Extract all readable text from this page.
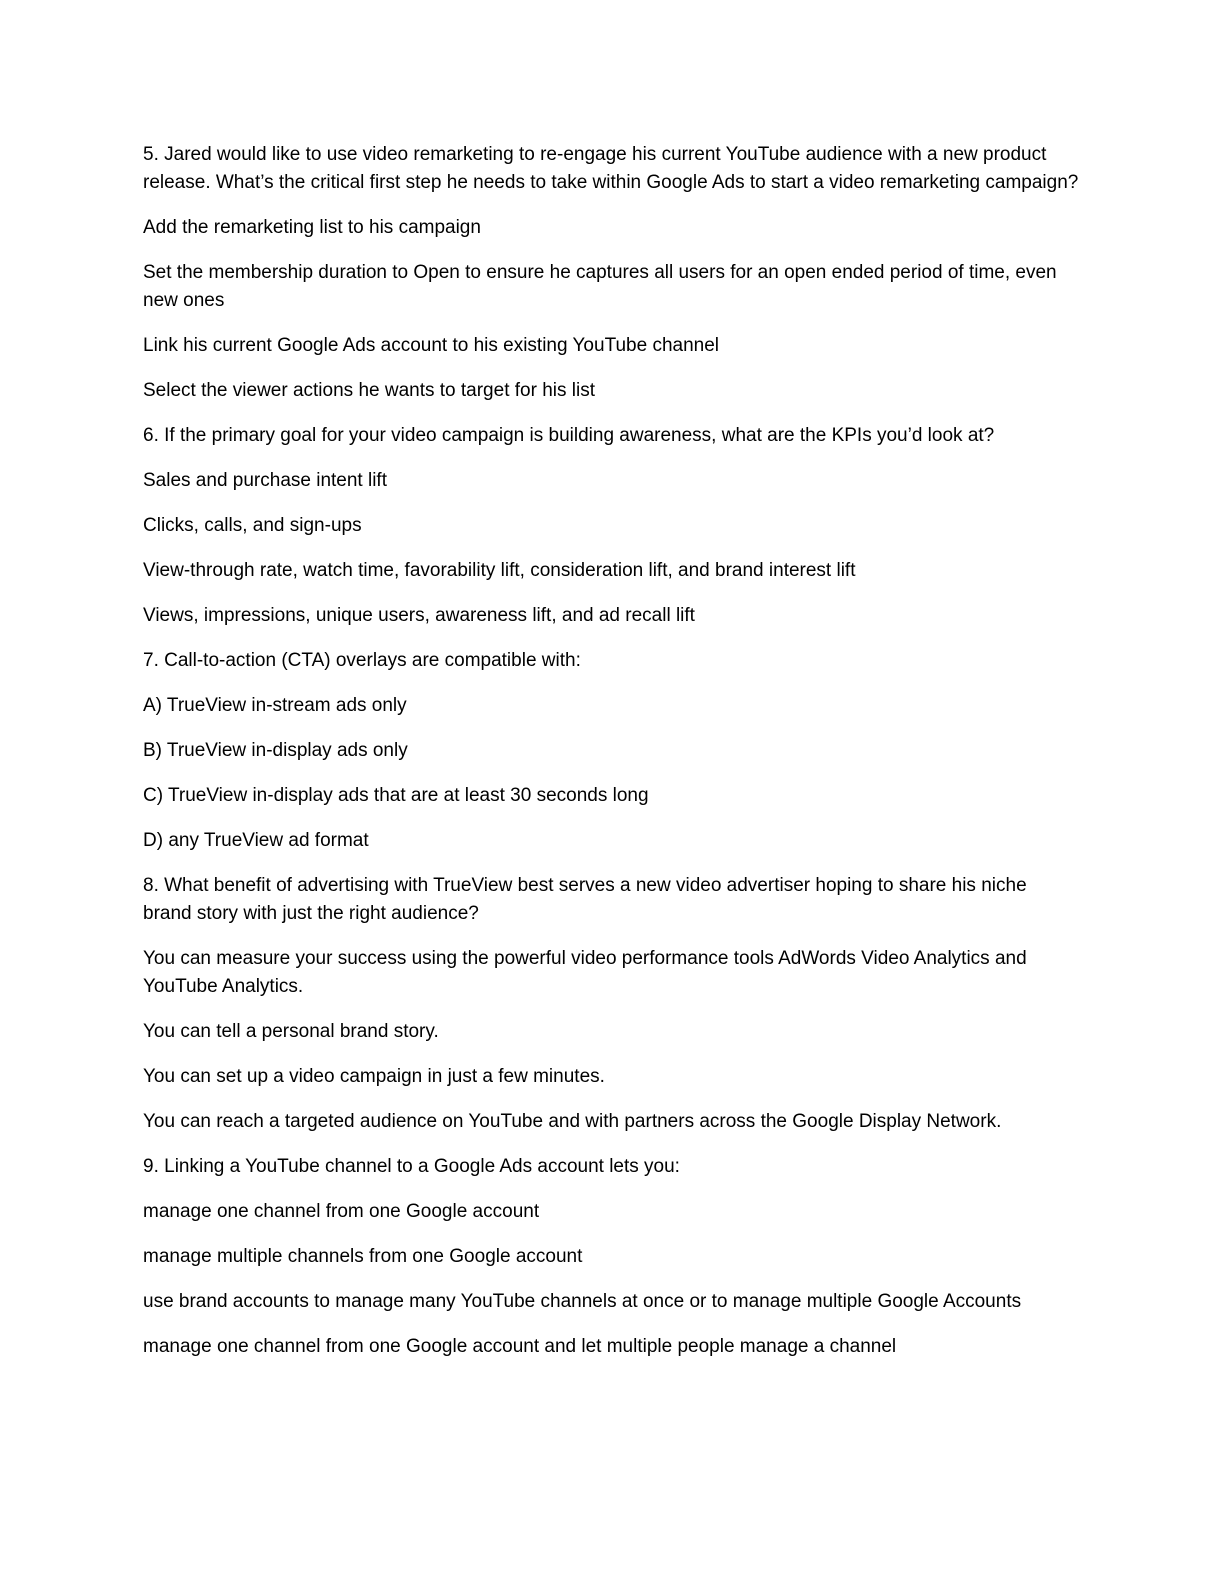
5. Jared would like to use video remarketing to re-engage his current YouTube audience with a new product release. What’s the critical first step he needs to take within Google Ads to start a video remarketing campaign?

Add the remarketing list to his campaign

Set the membership duration to Open to ensure he captures all users for an open ended period of time, even new ones

Link his current Google Ads account to his existing YouTube channel

Select the viewer actions he wants to target for his list

6. If the primary goal for your video campaign is building awareness, what are the KPIs you’d look at?

Sales and purchase intent lift

Clicks, calls, and sign-ups

View-through rate, watch time, favorability lift, consideration lift, and brand interest lift

Views, impressions, unique users, awareness lift, and ad recall lift

7. Call-to-action (CTA) overlays are compatible with:

A) TrueView in-stream ads only

B) TrueView in-display ads only

C) TrueView in-display ads that are at least 30 seconds long

D) any TrueView ad format

8. What benefit of advertising with TrueView best serves a new video advertiser hoping to share his niche brand story with just the right audience?

You can measure your success using the powerful video performance tools AdWords Video Analytics and YouTube Analytics.

You can tell a personal brand story.

You can set up a video campaign in just a few minutes.

You can reach a targeted audience on YouTube and with partners across the Google Display Network.

9. Linking a YouTube channel to a Google Ads account lets you:

manage one channel from one Google account

manage multiple channels from one Google account

use brand accounts to manage many YouTube channels at once or to manage multiple Google Accounts

manage one channel from one Google account and let multiple people manage a channel
